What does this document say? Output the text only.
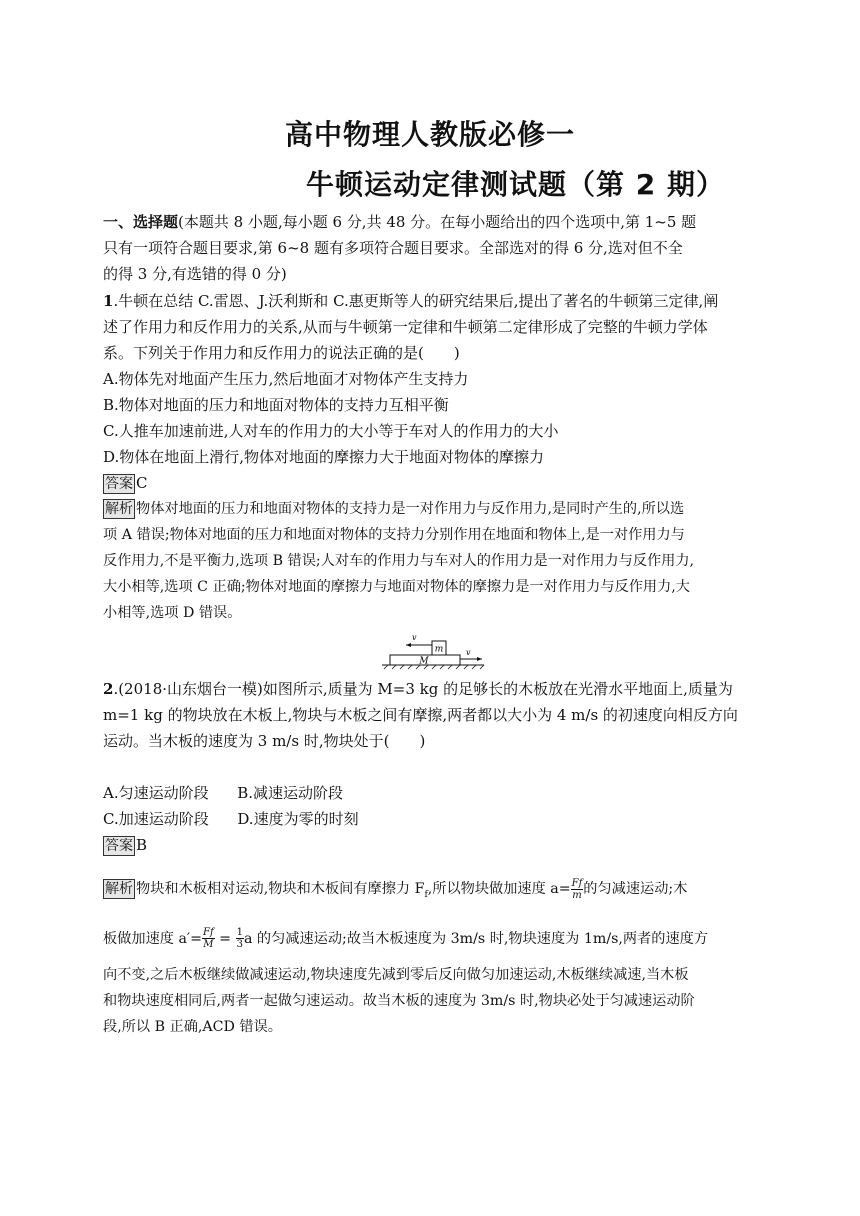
高中物理人教版必修一
牛顿运动定律测试题（第 2 期）
一、选择题(本题共 8 小题,每小题 6 分,共 48 分。在每小题给出的四个选项中,第 1~5 题
只有一项符合题目要求,第 6~8 题有多项符合题目要求。全部选对的得 6 分,选对但不全
的得 3 分,有选错的得 0 分)
1.牛顿在总结 C.雷恩、J.沃利斯和 C.惠更斯等人的研究结果后,提出了著名的牛顿第三定律,阐
述了作用力和反作用力的关系,从而与牛顿第一定律和牛顿第二定律形成了完整的牛顿力学体
系。下列关于作用力和反作用力的说法正确的是(　　)
A.物体先对地面产生压力,然后地面才对物体产生支持力
B.物体对地面的压力和地面对物体的支持力互相平衡
C.人推车加速前进,人对车的作用力的大小等于车对人的作用力的大小
D.物体在地面上滑行,物体对地面的摩擦力大于地面对物体的摩擦力
答案 C
解析 物体对地面的压力和地面对物体的支持力是一对作用力与反作用力,是同时产生的,所以选
项 A 错误;物体对地面的压力和地面对物体的支持力分别作用在地面和物体上,是一对作用力与
反作用力,不是平衡力,选项 B 错误;人对车的作用力与车对人的作用力是一对作用力与反作用力,
大小相等,选项 C 正确;物体对地面的摩擦力与地面对物体的摩擦力是一对作用力与反作用力,大
小相等,选项 D 错误。
M
m
v
v
2.(2018·山东烟台一模)如图所示,质量为 M=3 kg 的足够长的木板放在光滑水平地面上,质量为
m=1 kg 的物块放在木板上,物块与木板之间有摩擦,两者都以大小为 4 m/s 的初速度向相反方向
运动。当木板的速度为 3 m/s 时,物块处于(　　)
A.匀速运动阶段      B.减速运动阶段
C.加速运动阶段      D.速度为零的时刻
答案 B
解析 物块和木板相对运动,物块和木板间有摩擦力 $F_f$,所以物块做加速度 $a= \frac{Ff}{m}$ 的匀减速运动;木
板做加速度 $a'= \frac{Ff}{M} = \frac{1}{3}$ a 的匀减速运动;故当木板速度为 3m/s 时,物块速度为 1m/s,两者的速度方
向不变,之后木板继续做减速运动,物块速度先减到零后反向做匀加速运动,木板继续减速,当木板
和物块速度相同后,两者一起做匀速运动。故当木板的速度为 3m/s 时,物块必处于匀减速运动阶
段,所以 B 正确,ACD 错误。
